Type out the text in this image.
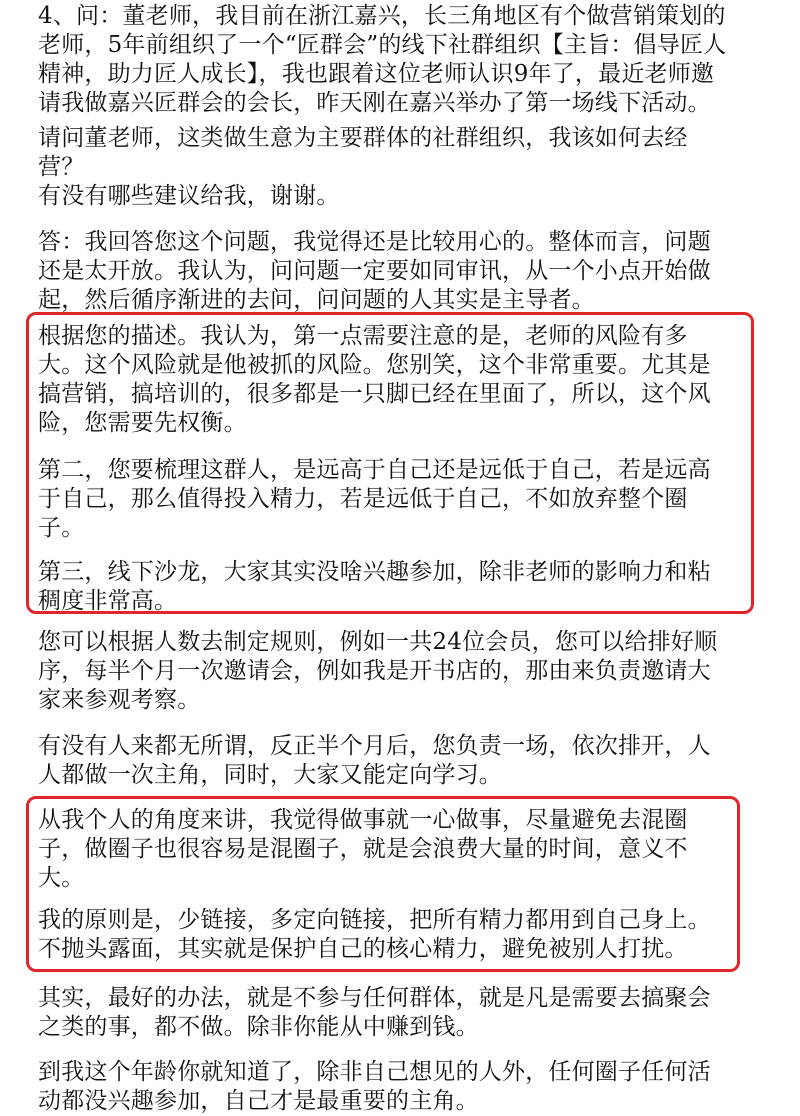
4、问：董老师，我目前在浙江嘉兴，长三角地区有个做营销策划的
老师，5年前组织了一个“匠群会”的线下社群组织【主旨：倡导匠人
精神，助力匠人成长】，我也跟着这位老师认识9年了，最近老师邀
请我做嘉兴匠群会的会长，昨天刚在嘉兴举办了第一场线下活动。

请问董老师，这类做生意为主要群体的社群组织，我该如何去经
营？
有没有哪些建议给我，谢谢。

答：我回答您这个问题，我觉得还是比较用心的。整体而言，问题
还是太开放。我认为，问问题一定要如同审讯，从一个小点开始做
起，然后循序渐进的去问，问问题的人其实是主导者。

根据您的描述。我认为，第一点需要注意的是，老师的风险有多
大。这个风险就是他被抓的风险。您别笑，这个非常重要。尤其是
搞营销，搞培训的，很多都是一只脚已经在里面了，所以，这个风
险，您需要先权衡。

第二，您要梳理这群人，是远高于自己还是远低于自己，若是远高
于自己，那么值得投入精力，若是远低于自己，不如放弃整个圈
子。

第三，线下沙龙，大家其实没啥兴趣参加，除非老师的影响力和粘
稠度非常高。

您可以根据人数去制定规则，例如一共24位会员，您可以给排好顺
序，每半个月一次邀请会，例如我是开书店的，那由来负责邀请大
家来参观考察。

有没有人来都无所谓，反正半个月后，您负责一场，依次排开，人
人都做一次主角，同时，大家又能定向学习。

从我个人的角度来讲，我觉得做事就一心做事，尽量避免去混圈
子，做圈子也很容易是混圈子，就是会浪费大量的时间，意义不
大。

我的原则是，少链接，多定向链接，把所有精力都用到自己身上。
不抛头露面，其实就是保护自己的核心精力，避免被别人打扰。

其实，最好的办法，就是不参与任何群体，就是凡是需要去搞聚会
之类的事，都不做。除非你能从中赚到钱。

到我这个年龄你就知道了，除非自己想见的人外，任何圈子任何活
动都没兴趣参加，自己才是最重要的主角。
